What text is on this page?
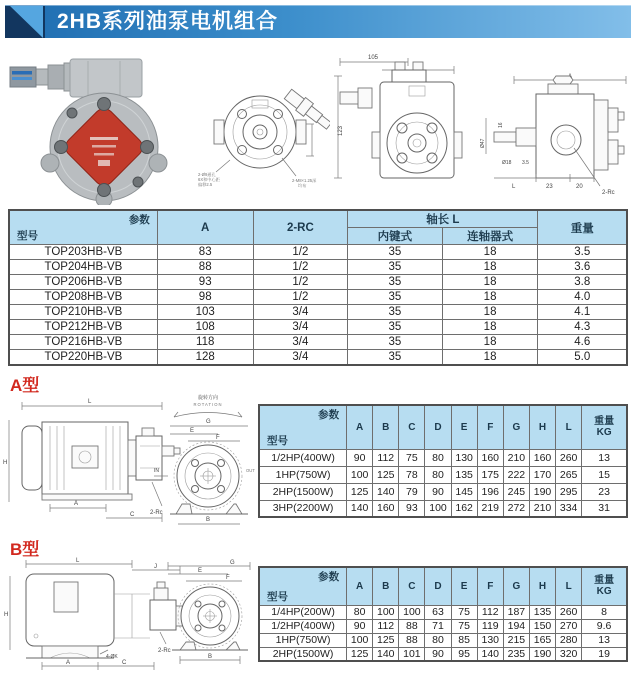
2HB系列油泵电机组合
2-Ø9通孔
6X和中心距
偏移2.5
2-M8×1.25深
均布
105
123
Ø47
16
Ø18 3.5
L	23	20
2-Rc
参数
型号	A	2-RC	轴长 L		重量
			内键式	连轴器式	
TOP203HB-VB	83	1/2	35	18	3.5
TOP204HB-VB	88	1/2	35	18	3.6
TOP206HB-VB	93	1/2	35	18	3.8
TOP208HB-VB	98	1/2	35	18	4.0
TOP210HB-VB	103	3/4	35	18	4.1
TOP212HB-VB	108	3/4	35	18	4.3
TOP216HB-VB	118	3/4	35	18	4.6
TOP220HB-VB	128	3/4	35	18	5.0
A型
L
H
2-Rc
A
C
旋转方向
ROTATION
G
E
F
IN	OUT
B
参数
型号	A	B	C	D	E	F	G	H	L	重量
KG

1/2HP(400W)	90	112	75	80	130	160	210	160	260	13
1HP(750W)	100	125	78	80	135	175	222	170	265	15
2HP(1500W)	125	140	79	90	145	196	245	190	295	23
3HP(2200W)	140	160	93	100	162	219	272	210	334	31
B型
L
J
H
2-Rc
A	C
4-ØK
G
E
F
B
参数
型号	A	B	C	D	E	F	G	H	L	重量
KG

1/4HP(200W)	80	100	100	63	75	112	187	135	260	8
1/2HP(400W)	90	112	88	71	75	119	194	150	270	9.6
1HP(750W)	100	125	88	80	85	130	215	165	280	13
2HP(1500W)	125	140	101	90	95	140	235	190	320	19
